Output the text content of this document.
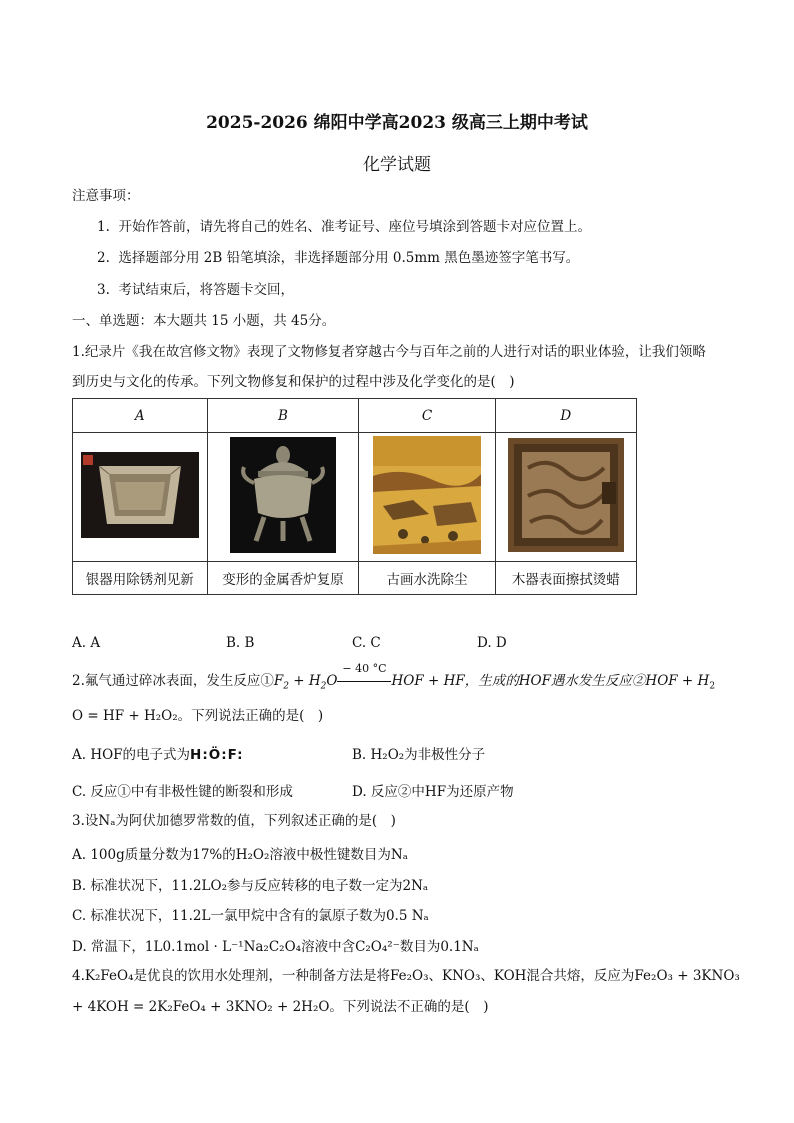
2025-2026 绵阳中学高2023 级高三上期中考试
化学试题
注意事项：
1. 开始作答前，请先将自己的姓名、准考证号、座位号填涂到答题卡对应位置上。
2. 选择题部分用 2B 铅笔填涂，非选择题部分用 0.5mm 黑色墨迹签字笔书写。
3. 考试结束后，将答题卡交回，
一、单选题：本大题共 15 小题，共 45分。
1.纪录片《我在故宫修文物》表现了文物修复者穿越古今与百年之前的人进行对话的职业体验，让我们领略
到历史与文化的传承。下列文物修复和保护的过程中涉及化学变化的是(　)
A	B	C	D

银器用除锈剂见新	变形的金属香炉复原	古画水洗除尘	木器表面擦拭烫蜡
A. A	B. B	C. C	D. D
2.氟气通过碎冰表面，发生反应$①F_2 + H_2O$
− 40 °C
HOF + HF，生成的HOF遇水发生反应②HOF + $H_2$
O = HF + H₂O₂。下列说法正确的是(　)
A. HOF的电子式为H:Ö:F:	B. H₂O₂为非极性分子
C. 反应①中有非极性键的断裂和形成	D. 反应②中HF为还原产物
3.设Nₐ为阿伏加德罗常数的值，下列叙述正确的是(　)
A. 100g质量分数为17%的H₂O₂溶液中极性键数目为Nₐ
B. 标准状况下，11.2LO₂参与反应转移的电子数一定为2Nₐ
C. 标准状况下，11.2L一氯甲烷中含有的氯原子数为0.5 Nₐ
D. 常温下，1L0.1mol · L⁻¹Na₂C₂O₄溶液中含C₂O₄²⁻数目为0.1Nₐ
4.K₂FeO₄是优良的饮用水处理剂，一种制备方法是将Fe₂O₃、KNO₃、KOH混合共熔，反应为Fe₂O₃ + 3KNO₃
+ 4KOH = 2K₂FeO₄ + 3KNO₂ + 2H₂O。下列说法不正确的是(　)
